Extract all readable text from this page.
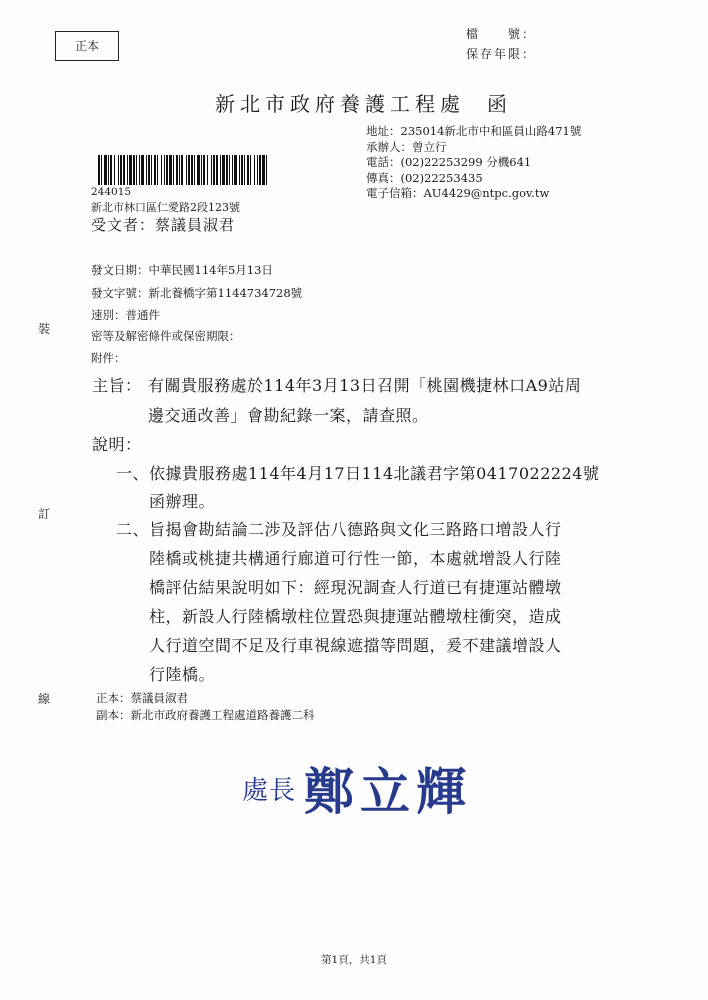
正本
檔　　號：
保存年限：
新北市政府養護工程處 函
地址：235014新北市中和區員山路471號
承辦人：曾立行
電話：(02)22253299 分機641
傳真：(02)22253435
電子信箱：AU4429@ntpc.gov.tw
244015
新北市林口區仁愛路2段123號
受文者：蔡議員淑君
發文日期：中華民國114年5月13日
發文字號：新北養橋字第1144734728號
速別：普通件
密等及解密條件或保密期限：
附件：
裝
訂
線
主旨： 有關貴服務處於114年3月13日召開「桃園機捷林口A9站周
邊交通改善」會勘紀錄一案，請查照。
說明：
一、 依據貴服務處114年4月17日114北議君字第0417022224號
函辦理。
二、 旨揭會勘結論二涉及評估八德路與文化三路路口增設人行
陸橋或桃捷共構通行廊道可行性一節，本處就增設人行陸
橋評估結果說明如下：經現況調查人行道已有捷運站體墩
柱，新設人行陸橋墩柱位置恐與捷運站體墩柱衝突，造成
人行道空間不足及行車視線遮擋等問題，爰不建議增設人
行陸橋。
正本：蔡議員淑君
副本：新北市政府養護工程處道路養護二科
處長 鄭立輝
第1頁，共1頁
